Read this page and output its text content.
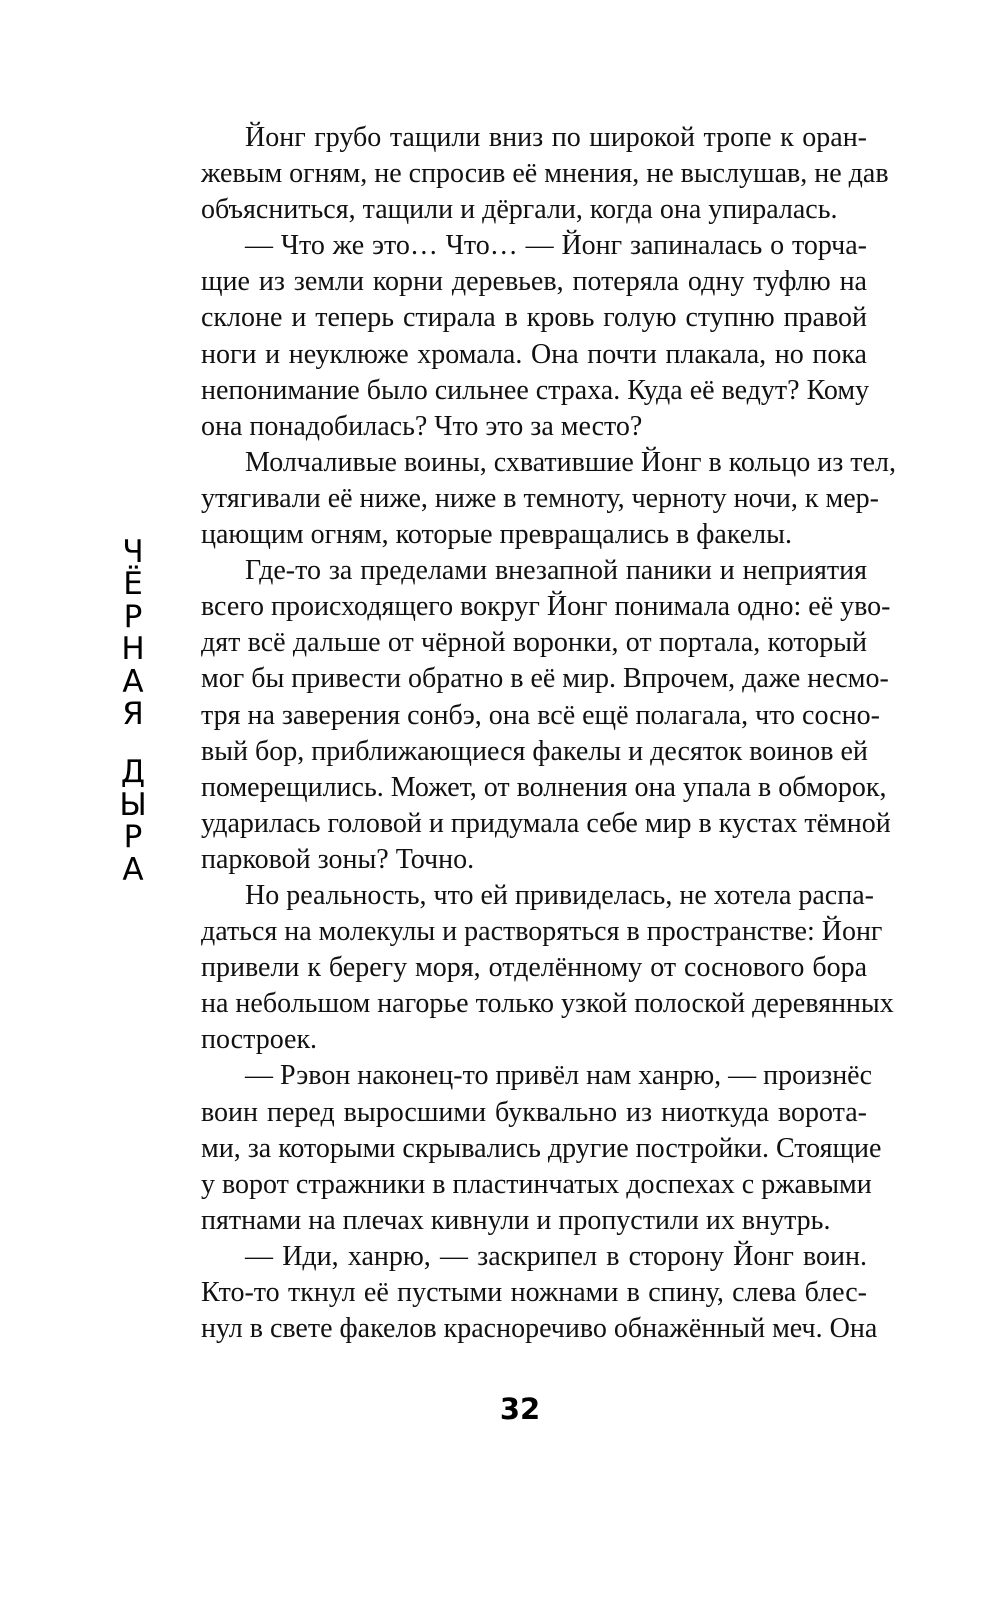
Ч
Ё
Р
Н
А
Я
Д
Ы
Р
А
Йонг грубо тащили вниз по широкой тропе к оран-
жевым огням, не спросив её мнения, не выслушав, не дав
объясниться, тащили и дёргали, когда она упиралась.
— Что же это… Что… — Йонг запиналась о торча-
щие из земли корни деревьев, потеряла одну туфлю на
склоне и теперь стирала в кровь голую ступню правой
ноги и неуклюже хромала. Она почти плакала, но пока
непонимание было сильнее страха. Куда её ведут? Кому
она понадобилась? Что это за место?
Молчаливые воины, схватившие Йонг в кольцо из тел,
утягивали её ниже, ниже в темноту, черноту ночи, к мер-
цающим огням, которые превращались в факелы.
Где-то за пределами внезапной паники и неприятия
всего происходящего вокруг Йонг понимала одно: её уво-
дят всё дальше от чёрной воронки, от портала, который
мог бы привести обратно в её мир. Впрочем, даже несмо-
тря на заверения сонбэ, она всё ещё полагала, что сосно-
вый бор, приближающиеся факелы и десяток воинов ей
померещились. Может, от волнения она упала в обморок,
ударилась головой и придумала себе мир в кустах тёмной
парковой зоны? Точно.
Но реальность, что ей привиделась, не хотела распа-
даться на молекулы и растворяться в пространстве: Йонг
привели к берегу моря, отделённому от соснового бора
на небольшом нагорье только узкой полоской деревянных
построек.
— Рэвон наконец-то привёл нам ханрю, — произнёс
воин перед выросшими буквально из ниоткуда ворота-
ми, за которыми скрывались другие постройки. Стоящие
у ворот стражники в пластинчатых доспехах с ржавыми
пятнами на плечах кивнули и пропустили их внутрь.
— Иди, ханрю, — заскрипел в сторону Йонг воин.
Кто-то ткнул её пустыми ножнами в спину, слева блес-
нул в свете факелов красноречиво обнажённый меч. Она
32
